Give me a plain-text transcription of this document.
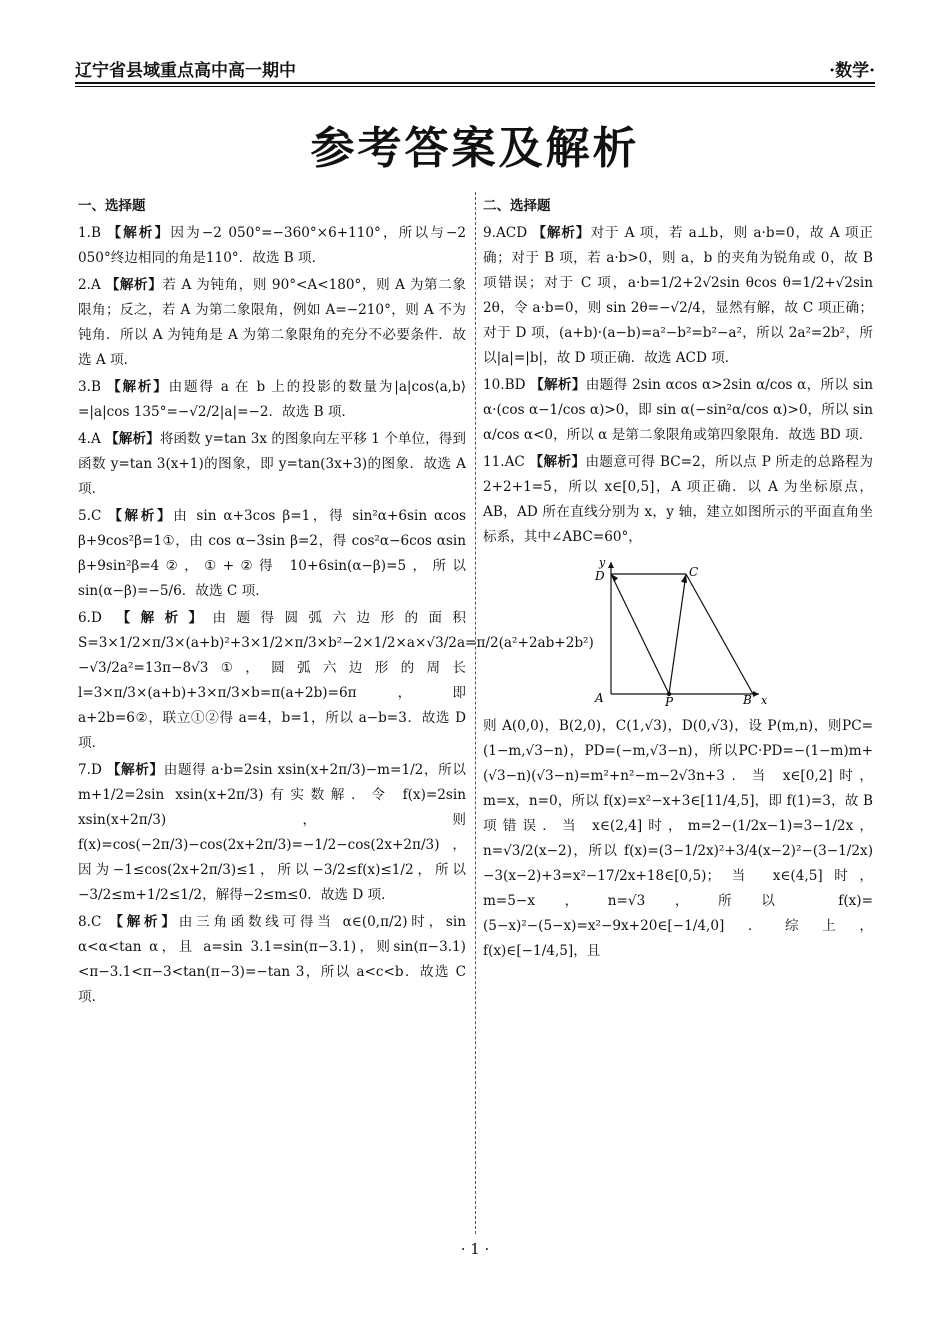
辽宁省县域重点高中高一期中	·数学·
参考答案及解析
一、选择题
1.B 【解析】因为−2 050°=−360°×6+110°，所以与−2 050°终边相同的角是110°．故选 B 项．
2.A 【解析】若 A 为钝角，则 90°<A<180°，则 A 为第二象限角；反之，若 A 为第二象限角，例如 A=−210°，则 A 不为钝角．所以 A 为钝角是 A 为第二象限角的充分不必要条件．故选 A 项．
3.B 【解析】由题得 a 在 b 上的投影的数量为|a|cos⟨a,b⟩=|a|cos 135°=−√2/2|a|=−2．故选 B 项．
4.A 【解析】将函数 y=tan 3x 的图象向左平移 1 个单位，得到函数 y=tan 3(x+1)的图象，即 y=tan(3x+3)的图象．故选 A 项．
5.C 【解析】由 sin α+3cos β=1，得 sin²α+6sin αcos β+9cos²β=1①，由 cos α−3sin β=2，得 cos²α−6cos αsin β+9sin²β=4②，①+②得 10+6sin(α−β)=5，所以 sin(α−β)=−5/6．故选 C 项．
6.D 【解析】由题得圆弧六边形的面积 S=3×1/2×π/3×(a+b)²+3×1/2×π/3×b²−2×1/2×a×√3/2a=π/2(a²+2ab+2b²)−√3/2a²=13π−8√3①，圆弧六边形的周长 l=3×π/3×(a+b)+3×π/3×b=π(a+2b)=6π，即 a+2b=6②，联立①②得 a=4，b=1，所以 a−b=3．故选 D 项．
7.D 【解析】由题得 a·b=2sin xsin(x+2π/3)−m=1/2，所以 m+1/2=2sin xsin(x+2π/3)有实数解．令 f(x)=2sin xsin(x+2π/3)，则 f(x)=cos(−2π/3)−cos(2x+2π/3)=−1/2−cos(2x+2π/3)，因为−1≤cos(2x+2π/3)≤1，所以−3/2≤f(x)≤1/2，所以−3/2≤m+1/2≤1/2，解得−2≤m≤0．故选 D 项．
8.C 【解析】由三角函数线可得当 α∈(0,π/2)时，sin α<α<tan α，且 a=sin 3.1=sin(π−3.1)，则sin(π−3.1)<π−3.1<π−3<tan(π−3)=−tan 3，所以 a<c<b．故选 C 项．
二、选择题
9.ACD 【解析】对于 A 项，若 a⊥b，则 a·b=0，故 A 项正确；对于 B 项，若 a·b>0，则 a，b 的夹角为锐角或 0，故 B 项错误；对于 C 项，a·b=1/2+2√2sin θcos θ=1/2+√2sin 2θ，令 a·b=0，则 sin 2θ=−√2/4，显然有解，故 C 项正确；对于 D 项，(a+b)·(a−b)=a²−b²=b²−a²，所以 2a²=2b²，所以|a|=|b|，故 D 项正确．故选 ACD 项．
10.BD 【解析】由题得 2sin αcos α>2sin α/cos α，所以 sin α·(cos α−1/cos α)>0，即 sin α(−sin²α/cos α)>0，所以 sin α/cos α<0，所以 α 是第二象限角或第四象限角．故选 BD 项．
11.AC 【解析】由题意可得 BC=2，所以点 P 所走的总路程为 2+2+1=5，所以 x∈[0,5]，A 项正确．以 A 为坐标原点，AB，AD 所在直线分别为 x，y 轴，建立如图所示的平面直角坐标系，其中∠ABC=60°，
y
D	C
A	P	B x
则 A(0,0)，B(2,0)，C(1,√3)，D(0,√3)，设 P(m,n)，则PC=(1−m,√3−n)，PD=(−m,√3−n)，所以PC·PD=−(1−m)m+(√3−n)(√3−n)=m²+n²−m−2√3n+3．当 x∈[0,2]时，m=x，n=0，所以 f(x)=x²−x+3∈[11/4,5]，即 f(1)=3，故 B 项错误．当 x∈(2,4]时，m=2−(1/2x−1)=3−1/2x，n=√3/2(x−2)，所以 f(x)=(3−1/2x)²+3/4(x−2)²−(3−1/2x)−3(x−2)+3=x²−17/2x+18∈[0,5)；当 x∈(4,5]时，m=5−x，n=√3，所以 f(x)=(5−x)²−(5−x)=x²−9x+20∈[−1/4,0]．综上，f(x)∈[−1/4,5]，且
· 1 ·
